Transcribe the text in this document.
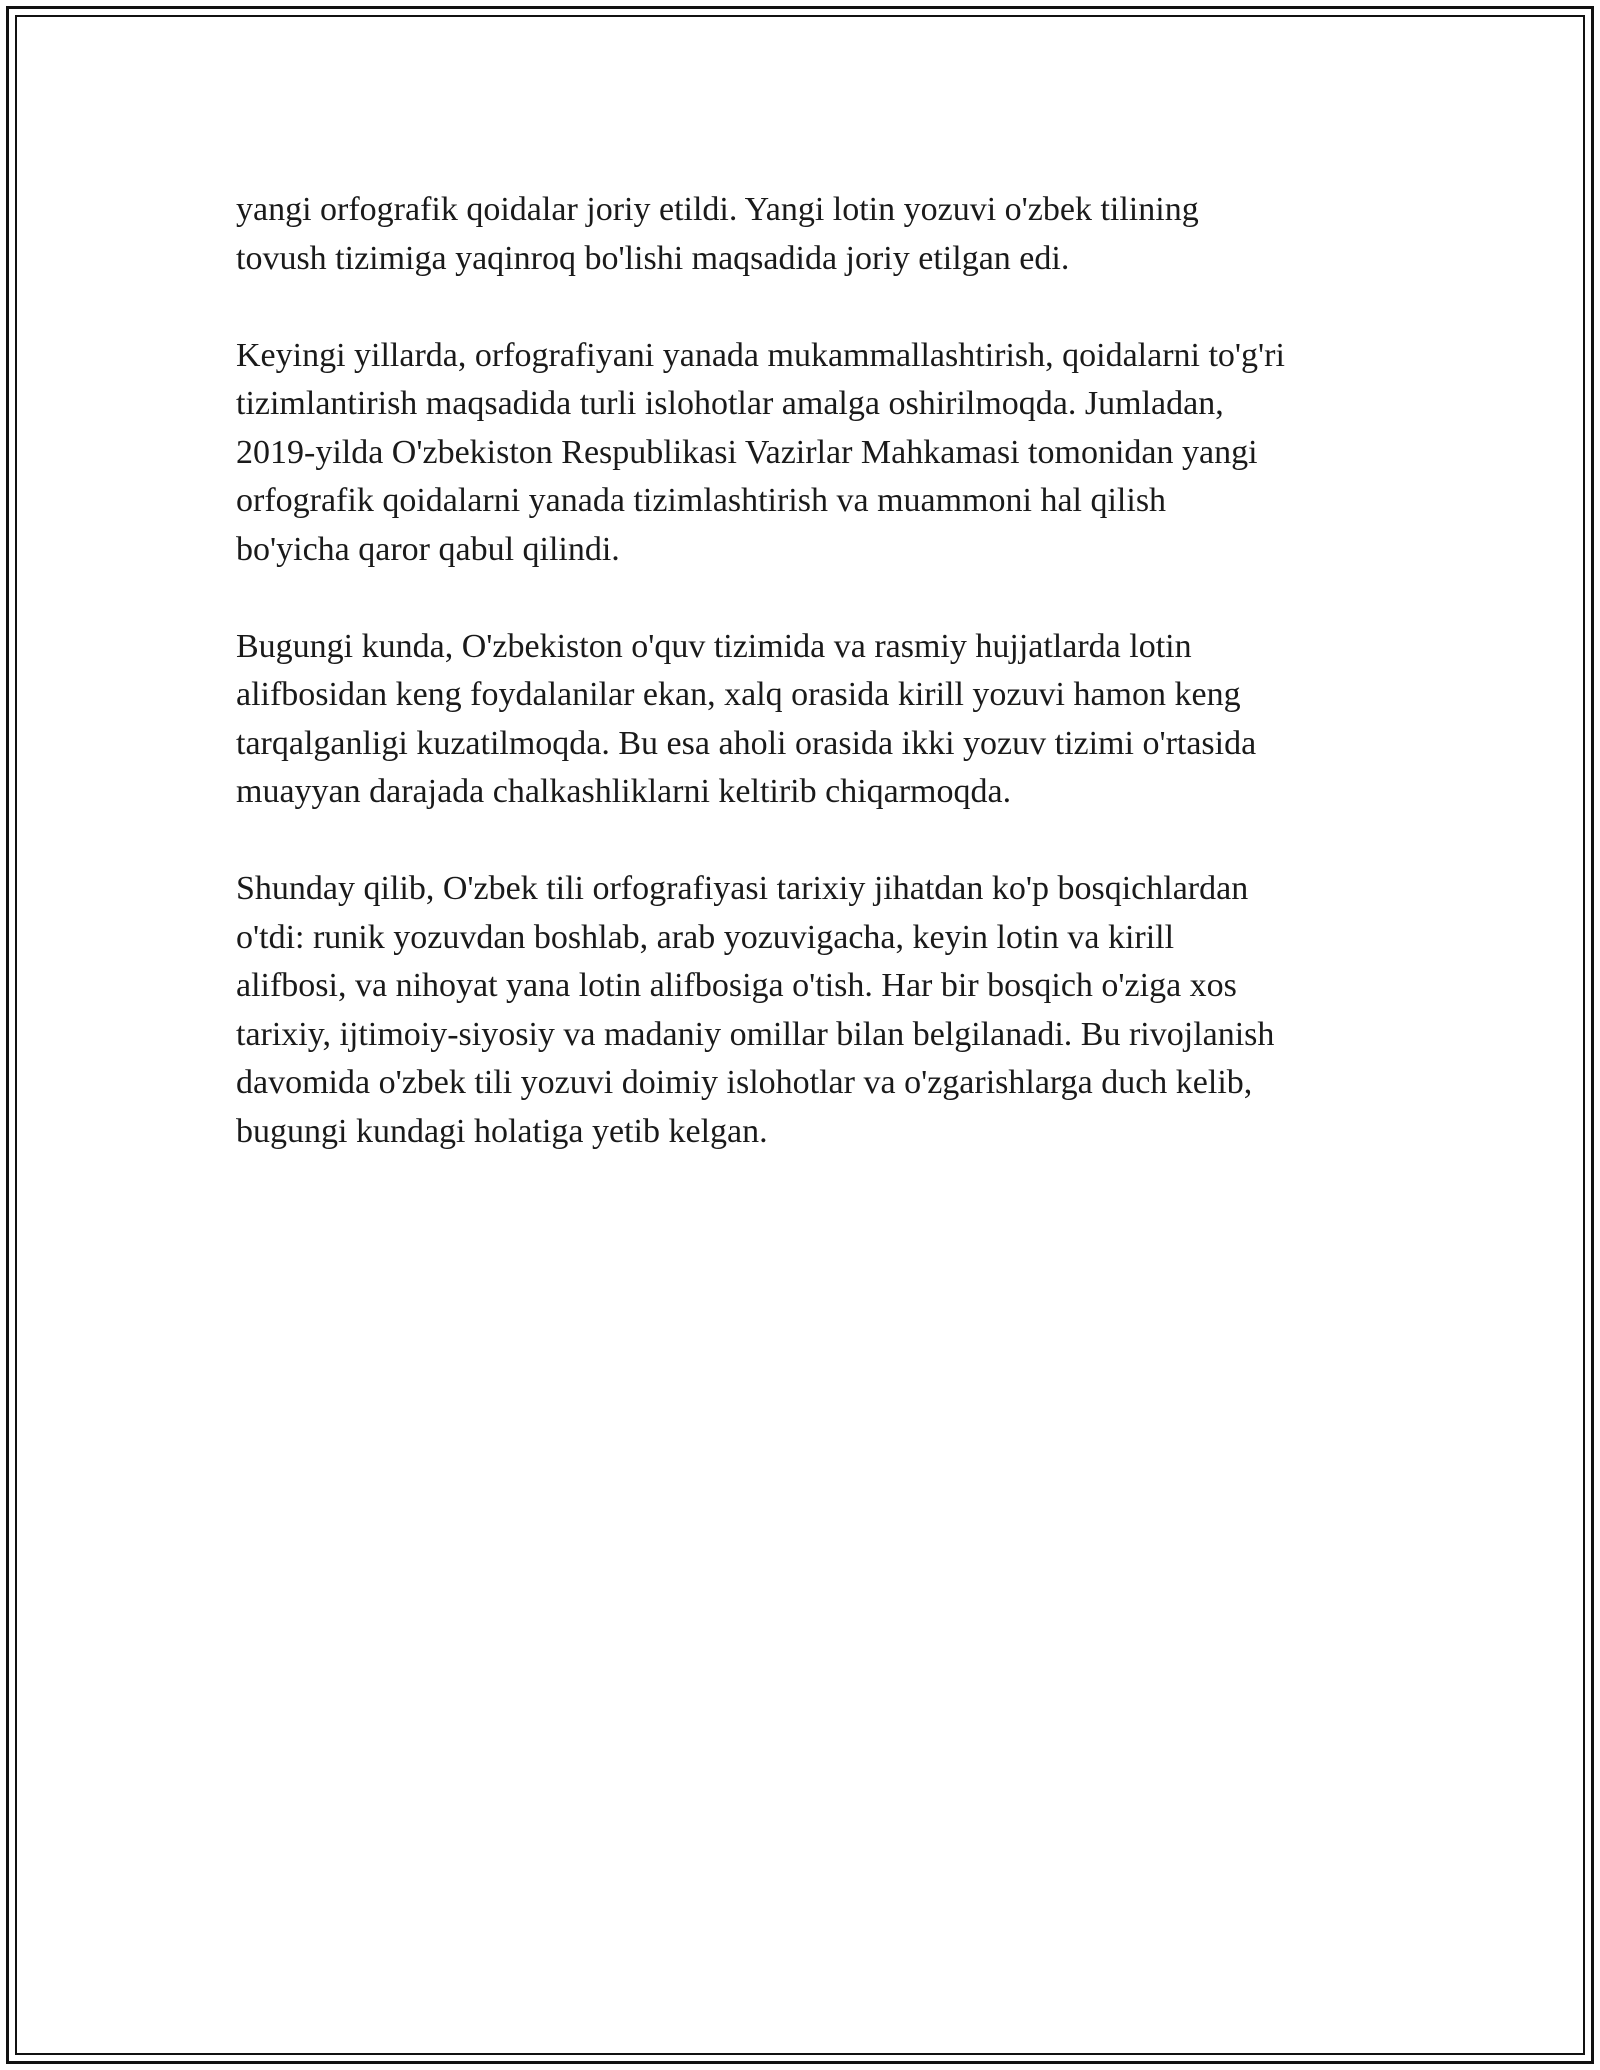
yangi orfografik qoidalar joriy etildi. Yangi lotin yozuvi o'zbek tilining
tovush tizimiga yaqinroq bo'lishi maqsadida joriy etilgan edi.

Keyingi yillarda, orfografiyani yanada mukammallashtirish, qoidalarni to'g'ri
tizimlantirish maqsadida turli islohotlar amalga oshirilmoqda. Jumladan,
2019-yilda O'zbekiston Respublikasi Vazirlar Mahkamasi tomonidan yangi
orfografik qoidalarni yanada tizimlashtirish va muammoni hal qilish
bo'yicha qaror qabul qilindi.

Bugungi kunda, O'zbekiston o'quv tizimida va rasmiy hujjatlarda lotin
alifbosidan keng foydalanilar ekan, xalq orasida kirill yozuvi hamon keng
tarqalganligi kuzatilmoqda. Bu esa aholi orasida ikki yozuv tizimi o'rtasida
muayyan darajada chalkashliklarni keltirib chiqarmoqda.

Shunday qilib, O'zbek tili orfografiyasi tarixiy jihatdan ko'p bosqichlardan
o'tdi: runik yozuvdan boshlab, arab yozuvigacha, keyin lotin va kirill
alifbosi, va nihoyat yana lotin alifbosiga o'tish. Har bir bosqich o'ziga xos
tarixiy, ijtimoiy-siyosiy va madaniy omillar bilan belgilanadi. Bu rivojlanish
davomida o'zbek tili yozuvi doimiy islohotlar va o'zgarishlarga duch kelib,
bugungi kundagi holatiga yetib kelgan.
